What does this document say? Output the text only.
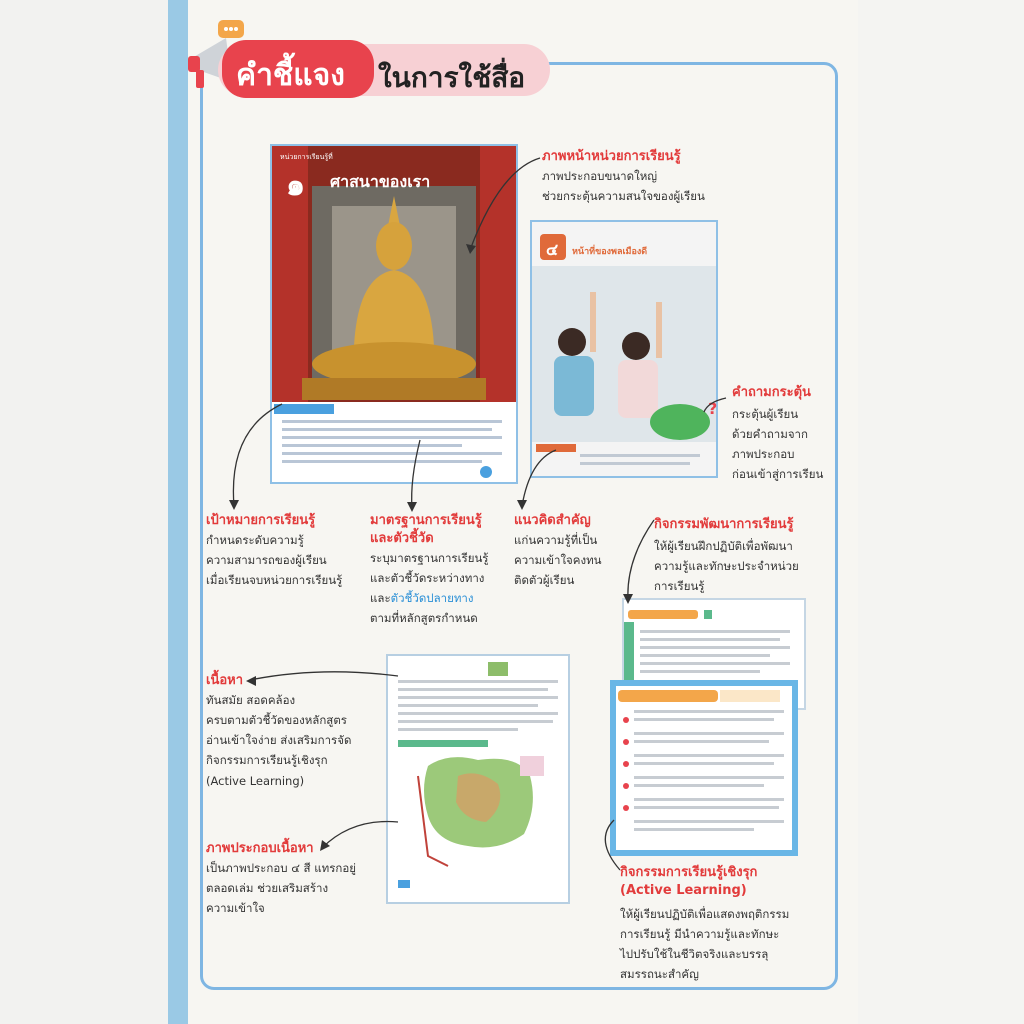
คำชี้แจง ในการใช้สื่อ
หน่วยการเรียนรู้ที่
๑ ศาสนาของเรา
?
๔ หน้าที่ของพลเมืองดี
ภาพหน้าหน่วยการเรียนรู้
ภาพประกอบขนาดใหญ่
ช่วยกระตุ้นความสนใจของผู้เรียน
คำถามกระตุ้น
กระตุ้นผู้เรียน
ด้วยคำถามจาก
ภาพประกอบ
ก่อนเข้าสู่การเรียน
เป้าหมายการเรียนรู้
กำหนดระดับความรู้
ความสามารถของผู้เรียน
เมื่อเรียนจบหน่วยการเรียนรู้
มาตรฐานการเรียนรู้
และตัวชี้วัด
ระบุมาตรฐานการเรียนรู้
และตัวชี้วัดระหว่างทาง
และตัวชี้วัดปลายทาง
ตามที่หลักสูตรกำหนด
แนวคิดสำคัญ
แก่นความรู้ที่เป็น
ความเข้าใจคงทน
ติดตัวผู้เรียน
กิจกรรมพัฒนาการเรียนรู้
ให้ผู้เรียนฝึกปฏิบัติเพื่อพัฒนา
ความรู้และทักษะประจำหน่วย
การเรียนรู้
เนื้อหา
ทันสมัย สอดคล้อง
ครบตามตัวชี้วัดของหลักสูตร
อ่านเข้าใจง่าย ส่งเสริมการจัด
กิจกรรมการเรียนรู้เชิงรุก
(Active Learning)
ภาพประกอบเนื้อหา
เป็นภาพประกอบ ๔ สี แทรกอยู่
ตลอดเล่ม ช่วยเสริมสร้าง
ความเข้าใจ
กิจกรรมการเรียนรู้เชิงรุก
(Active Learning)
ให้ผู้เรียนปฏิบัติเพื่อแสดงพฤติกรรม
การเรียนรู้ มีนำความรู้และทักษะ
ไปปรับใช้ในชีวิตจริงและบรรลุ
สมรรถนะสำคัญ
